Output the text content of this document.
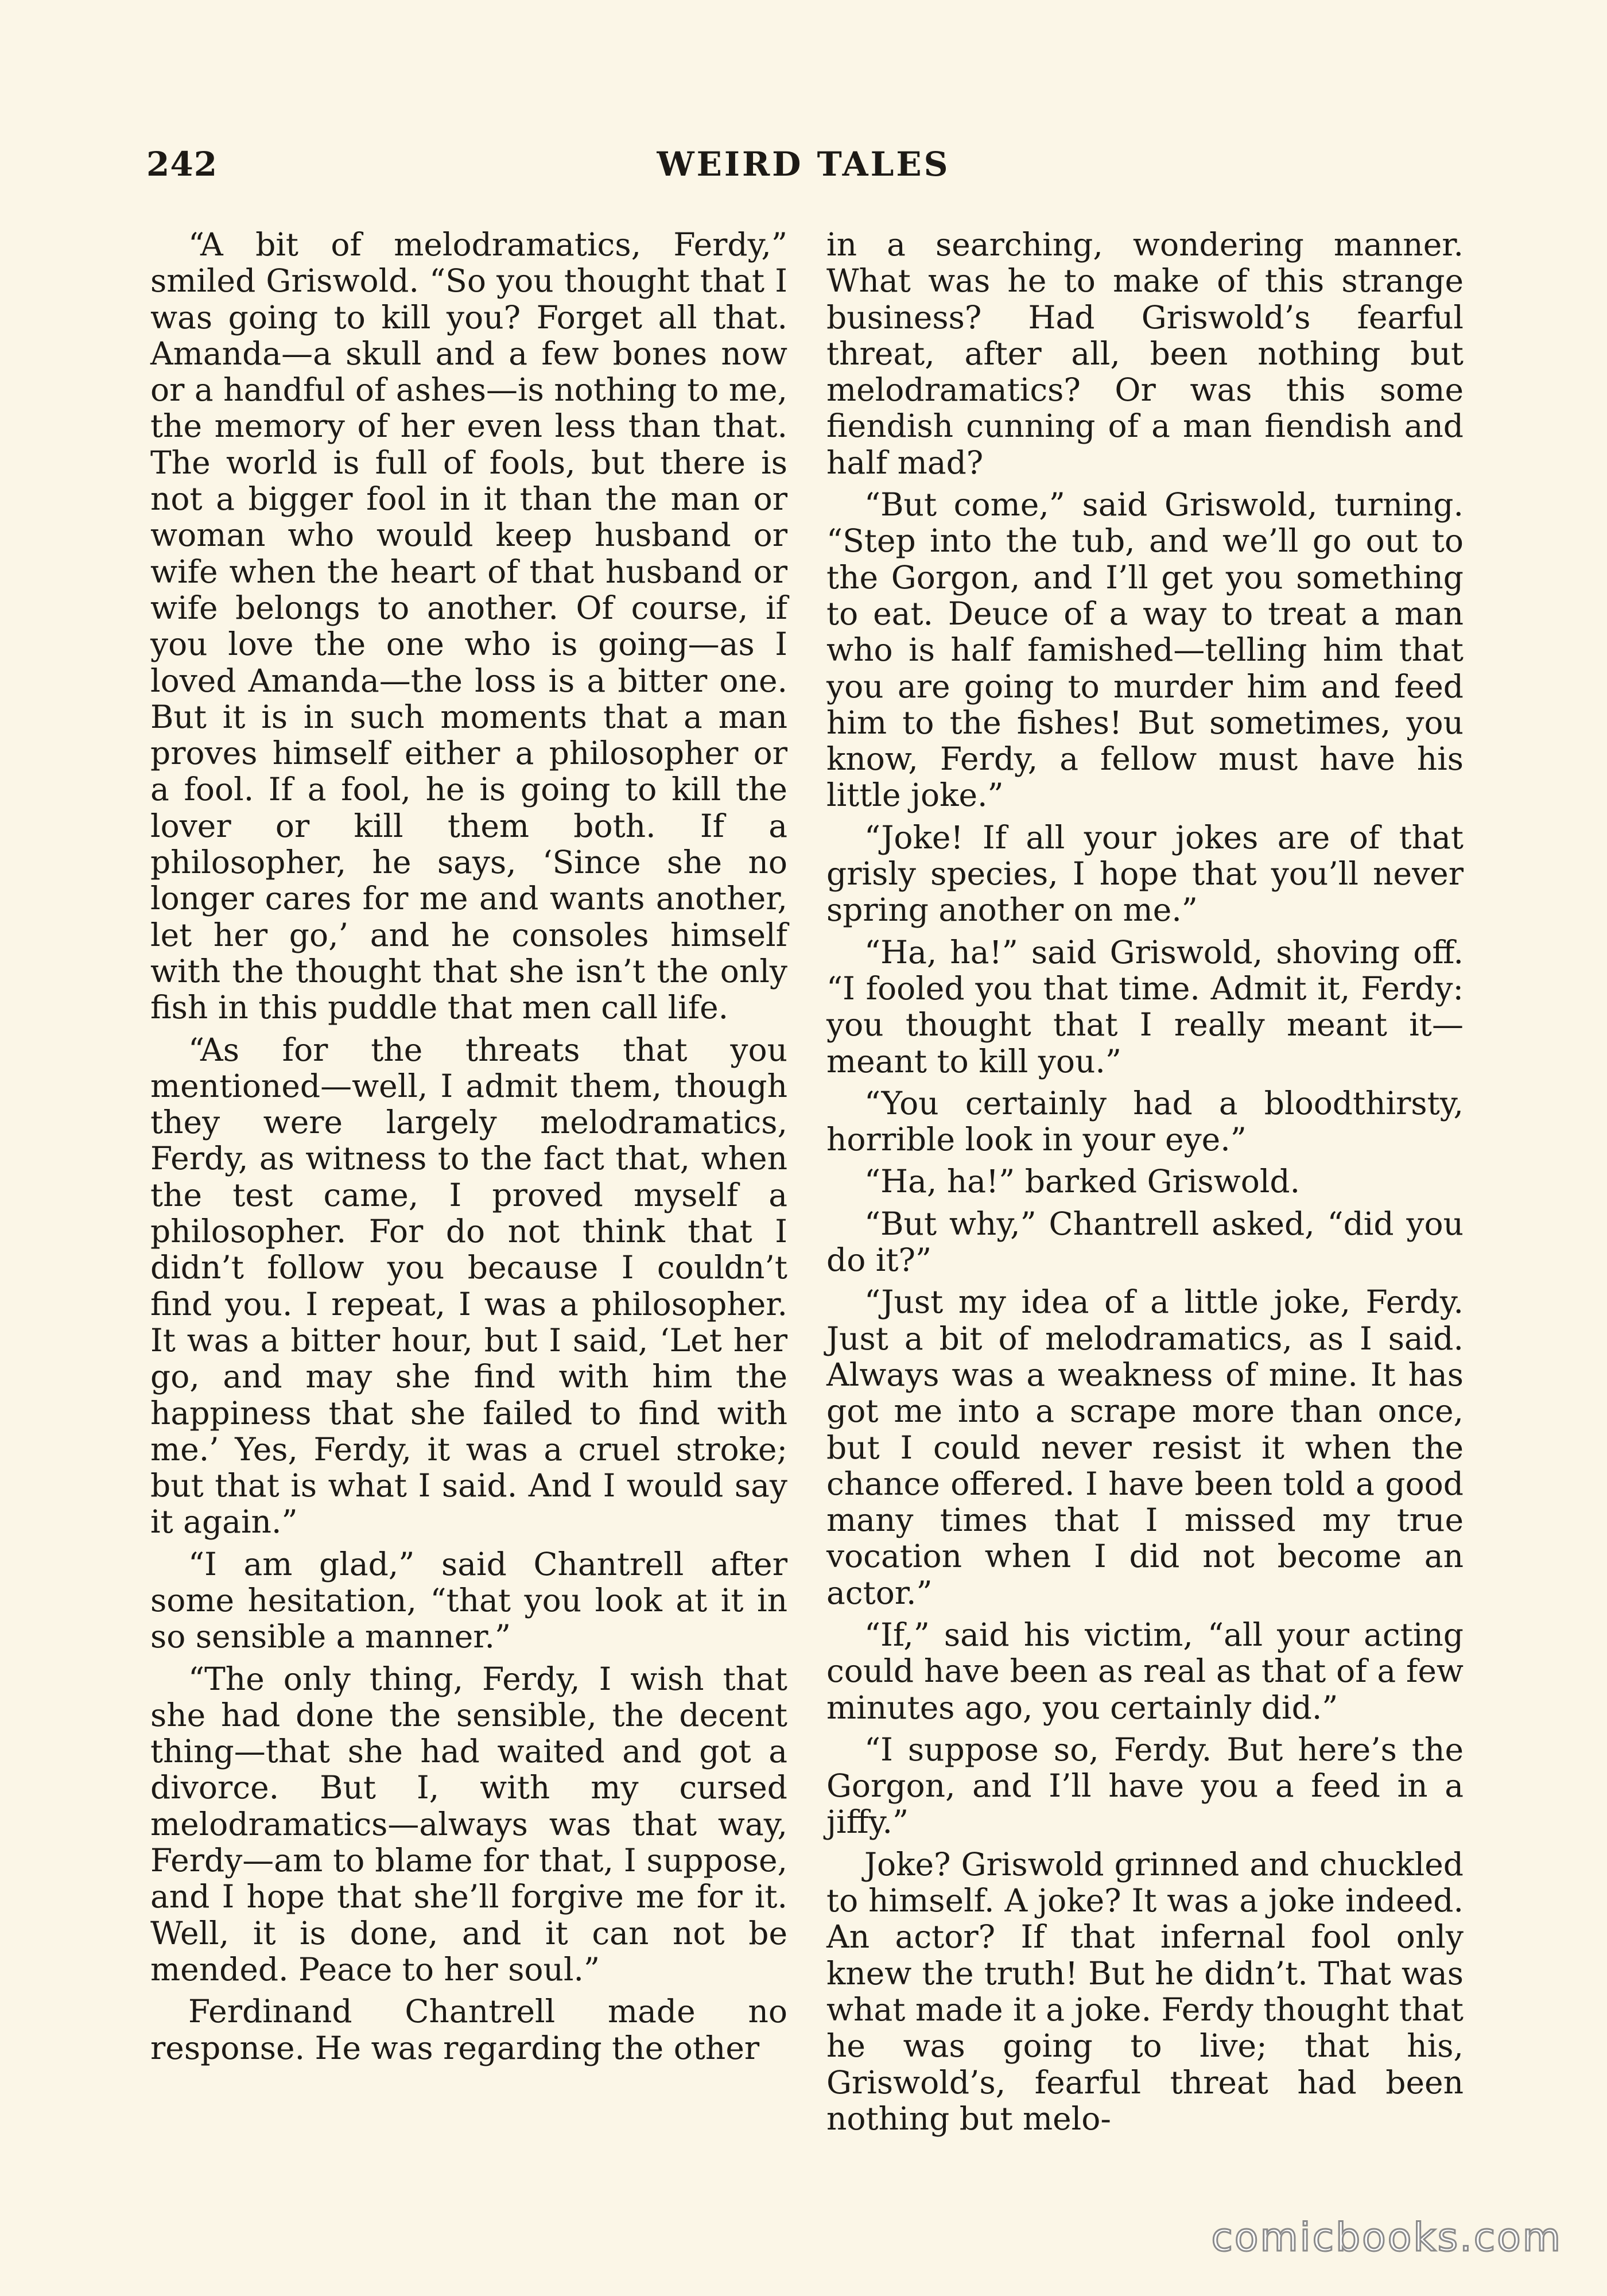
242	WEIRD TALES

“A bit of melodramatics, Ferdy,” smiled Griswold. “So you thought that I was going to kill you? Forget all that. Amanda—a skull and a few bones now or a handful of ashes—is nothing to me, the memory of her even less than that. The world is full of fools, but there is not a bigger fool in it than the man or woman who would keep husband or wife when the heart of that husband or wife belongs to another. Of course, if you love the one who is going—as I loved Amanda—the loss is a bitter one. But it is in such moments that a man proves himself either a philosopher or a fool. If a fool, he is going to kill the lover or kill them both. If a philosopher, he says, ‘Since she no longer cares for me and wants another, let her go,’ and he consoles himself with the thought that she isn’t the only fish in this puddle that men call life.

“As for the threats that you mentioned—well, I admit them, though they were largely melodramatics, Ferdy, as witness to the fact that, when the test came, I proved myself a philosopher. For do not think that I didn’t follow you because I couldn’t find you. I repeat, I was a philosopher. It was a bitter hour, but I said, ‘Let her go, and may she find with him the happiness that she failed to find with me.’ Yes, Ferdy, it was a cruel stroke; but that is what I said. And I would say it again.”

“I am glad,” said Chantrell after some hesitation, “that you look at it in so sensible a manner.”

“The only thing, Ferdy, I wish that she had done the sensible, the decent thing—that she had waited and got a divorce. But I, with my cursed melodramatics—always was that way, Ferdy—am to blame for that, I suppose, and I hope that she’ll forgive me for it. Well, it is done, and it can not be mended. Peace to her soul.”

Ferdinand Chantrell made no response. He was regarding the other

in a searching, wondering manner. What was he to make of this strange business? Had Griswold’s fearful threat, after all, been nothing but melodramatics? Or was this some fiendish cunning of a man fiendish and half mad?

“But come,” said Griswold, turning. “Step into the tub, and we’ll go out to the Gorgon, and I’ll get you something to eat. Deuce of a way to treat a man who is half famished—telling him that you are going to murder him and feed him to the fishes! But sometimes, you know, Ferdy, a fellow must have his little joke.”

“Joke! If all your jokes are of that grisly species, I hope that you’ll never spring another on me.”

“Ha, ha!” said Griswold, shoving off. “I fooled you that time. Admit it, Ferdy: you thought that I really meant it—meant to kill you.”

“You certainly had a bloodthirsty, horrible look in your eye.”

“Ha, ha!” barked Griswold.

“But why,” Chantrell asked, “did you do it?”

“Just my idea of a little joke, Ferdy. Just a bit of melodramatics, as I said. Always was a weakness of mine. It has got me into a scrape more than once, but I could never resist it when the chance offered. I have been told a good many times that I missed my true vocation when I did not become an actor.”

“If,” said his victim, “all your acting could have been as real as that of a few minutes ago, you certainly did.”

“I suppose so, Ferdy. But here’s the Gorgon, and I’ll have you a feed in a jiffy.”

Joke? Griswold grinned and chuckled to himself. A joke? It was a joke indeed. An actor? If that infernal fool only knew the truth! But he didn’t. That was what made it a joke. Ferdy thought that he was going to live; that his, Griswold’s, fearful threat had been nothing but melo-

comicbooks.com
